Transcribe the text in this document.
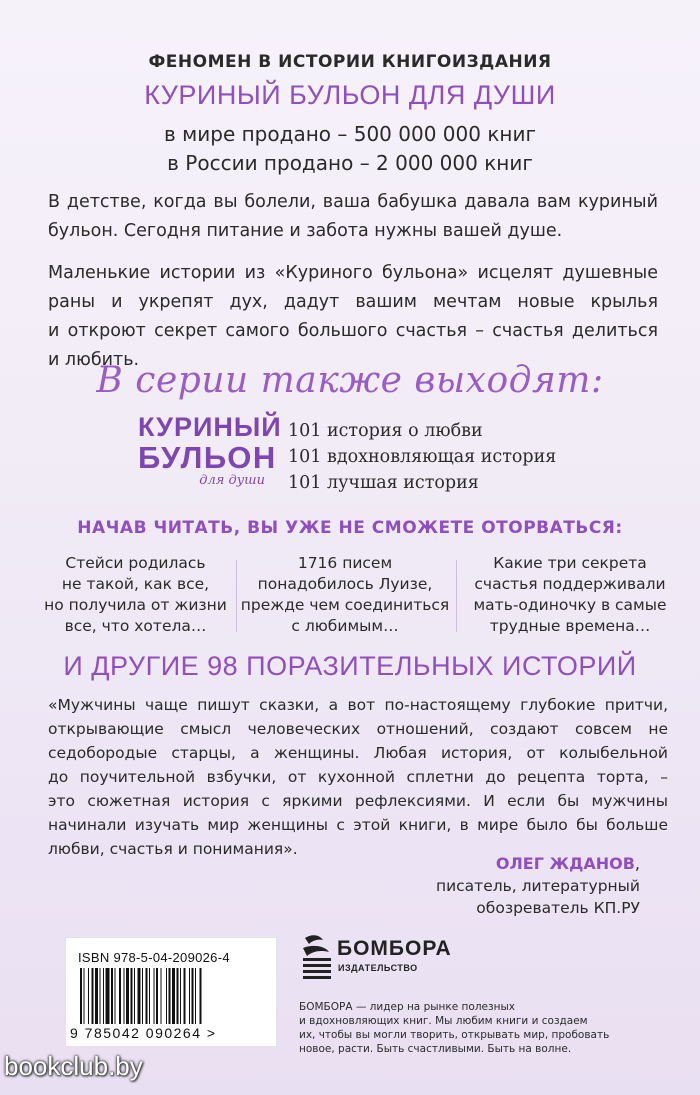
ФЕНОМЕН В ИСТОРИИ КНИГОИЗДАНИЯ
КУРИНЫЙ БУЛЬОН ДЛЯ ДУШИ
в мире продано – 500 000 000 книг
в России продано – 2 000 000 книг
В детстве, когда вы болели, ваша бабушка давала вам куриный
бульон. Сегодня питание и забота нужны вашей душе.
Маленькие истории из «Куриного бульона» исцелят душевные
раны и укрепят дух, дадут вашим мечтам новые крылья
и откроют секрет самого большого счастья – счастья делиться
и любить.
В серии также выходят:
КУРИНЫЙ
БУЛЬОН
для души
101 история о любви
101 вдохновляющая история
101 лучшая история
НАЧАВ ЧИТАТЬ, ВЫ УЖЕ НЕ СМОЖЕТЕ ОТОРВАТЬСЯ:
Стейси родилась
не такой, как все,
но получила от жизни
все, что хотела…
1716 писем
понадобилось Луизе,
прежде чем соединиться
с любимым…
Какие три секрета
счастья поддерживали
мать-одиночку в самые
трудные времена…
И ДРУГИЕ 98 ПОРАЗИТЕЛЬНЫХ ИСТОРИЙ
«Мужчины чаще пишут сказки, а вот по-настоящему глубокие притчи,
открывающие смысл человеческих отношений, создают совсем не
седобородые старцы, а женщины. Любая история, от колыбельной
до поучительной взбучки, от кухонной сплетни до рецепта торта, –
это сюжетная история с яркими рефлексиями. И если бы мужчины
начинали изучать мир женщины с этой книги, в мире было бы больше
любви, счастья и понимания».
ОЛЕГ ЖДАНОВ,
писатель, литературный
обозреватель КП.РУ
ISBN 978-5-04-209026-4
9 785042 090264 >
БОМБОРА
ИЗДАТЕЛЬСТВО
БОМБОРА — лидер на рынке полезных
и вдохновляющих книг. Мы любим книги и создаем
их, чтобы вы могли творить, открывать мир, пробовать
новое, расти. Быть счастливыми. Быть на волне.
bookclub.by
